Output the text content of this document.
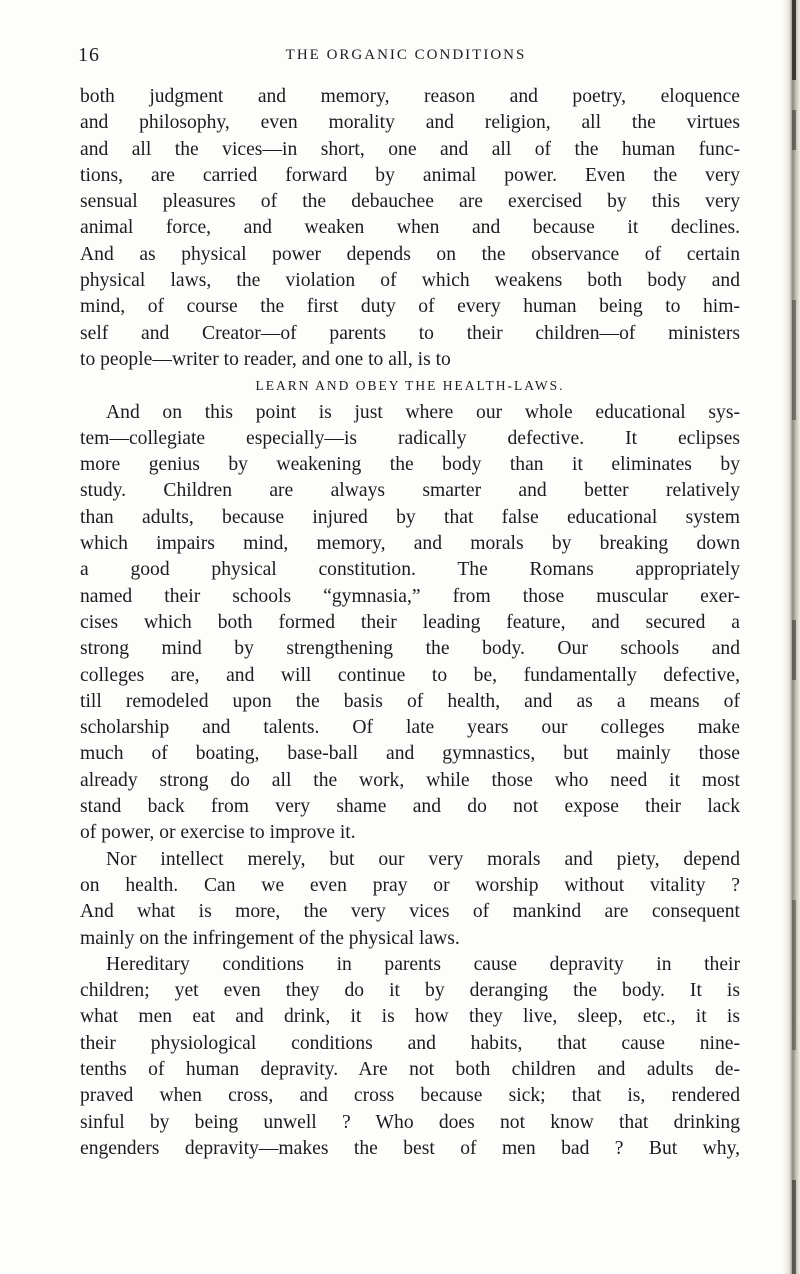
16	THE ORGANIC CONDITIONS
both judgment and memory, reason and poetry, eloquence
and philosophy, even morality and religion, all the virtues
and all the vices—in short, one and all of the human func-
tions, are carried forward by animal power. Even the very
sensual pleasures of the debauchee are exercised by this very
animal force, and weaken when and because it declines.
And as physical power depends on the observance of certain
physical laws, the violation of which weakens both body and
mind, of course the first duty of every human being to him-
self and Creator—of parents to their children—of ministers
to people—writer to reader, and one to all, is to
LEARN AND OBEY THE HEALTH-LAWS.
And on this point is just where our whole educational sys-
tem—collegiate especially—is radically defective. It eclipses
more genius by weakening the body than it eliminates by
study. Children are always smarter and better relatively
than adults, because injured by that false educational system
which impairs mind, memory, and morals by breaking down
a good physical constitution. The Romans appropriately
named their schools “gymnasia,” from those muscular exer-
cises which both formed their leading feature, and secured a
strong mind by strengthening the body. Our schools and
colleges are, and will continue to be, fundamentally defective,
till remodeled upon the basis of health, and as a means of
scholarship and talents. Of late years our colleges make
much of boating, base-ball and gymnastics, but mainly those
already strong do all the work, while those who need it most
stand back from very shame and do not expose their lack
of power, or exercise to improve it.
Nor intellect merely, but our very morals and piety, depend
on health. Can we even pray or worship without vitality ?
And what is more, the very vices of mankind are consequent
mainly on the infringement of the physical laws.
Hereditary conditions in parents cause depravity in their
children; yet even they do it by deranging the body. It is
what men eat and drink, it is how they live, sleep, etc., it is
their physiological conditions and habits, that cause nine-
tenths of human depravity. Are not both children and adults de-
praved when cross, and cross because sick; that is, rendered
sinful by being unwell ? Who does not know that drinking
engenders depravity—makes the best of men bad ? But why,
